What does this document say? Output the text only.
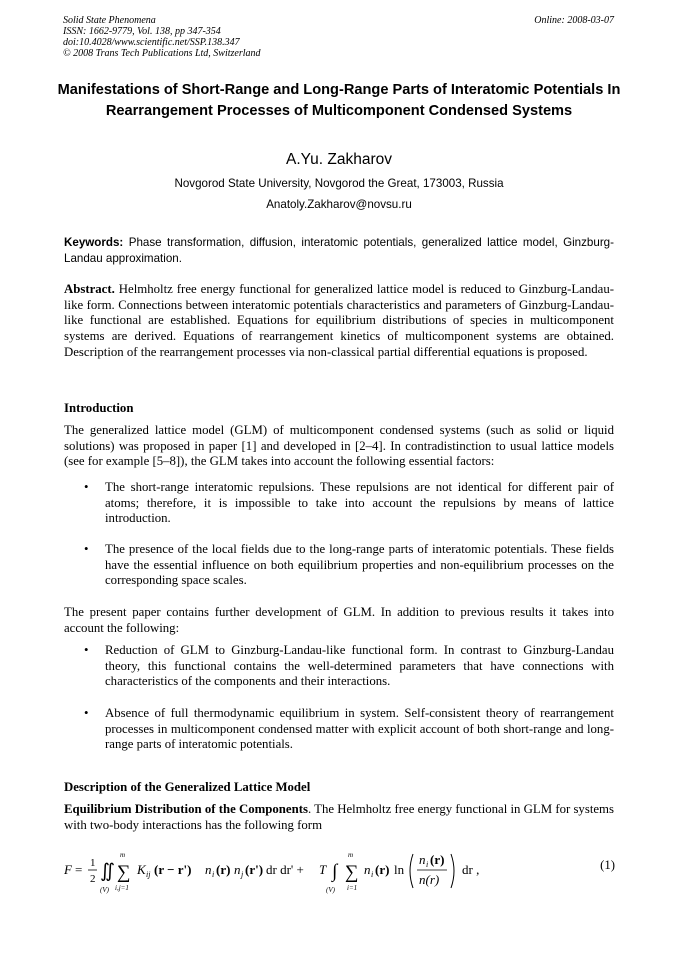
Solid State Phenomena
ISSN: 1662-9779, Vol. 138, pp 347-354
doi:10.4028/www.scientific.net/SSP.138.347
© 2008 Trans Tech Publications Ltd, Switzerland
Online: 2008-03-07
Manifestations of Short-Range and Long-Range Parts of Interatomic Potentials In Rearrangement Processes of Multicomponent Condensed Systems
A.Yu. Zakharov
Novgorod State University, Novgorod the Great, 173003, Russia
Anatoly.Zakharov@novsu.ru
Keywords: Phase transformation, diffusion, interatomic potentials, generalized lattice model, Ginzburg-Landau approximation.
Abstract. Helmholtz free energy functional for generalized lattice model is reduced to Ginzburg-Landau-like form. Connections between interatomic potentials characteristics and parameters of Ginzburg-Landau-like functional are established. Equations for equilibrium distributions of species in multicomponent systems are derived. Equations of rearrangement kinetics of multicomponent systems are obtained. Description of the rearrangement processes via non-classical partial differential equations is proposed.
Introduction
The generalized lattice model (GLM) of multicomponent condensed systems (such as solid or liquid solutions) was proposed in paper [1] and developed in [2–4]. In contradistinction to usual lattice models (see for example [5–8]), the GLM takes into account the following essential factors:
• The short-range interatomic repulsions. These repulsions are not identical for different pair of atoms; therefore, it is impossible to take into account the repulsions by means of lattice introduction.
• The presence of the local fields due to the long-range parts of interatomic potentials. These fields have the essential influence on both equilibrium properties and non-equilibrium processes on the corresponding space scales.
The present paper contains further development of GLM. In addition to previous results it takes into account the following:
• Reduction of GLM to Ginzburg-Landau-like functional form. In contrast to Ginzburg-Landau theory, this functional contains the well-determined parameters that have connections with characteristics of the components and their interactions.
• Absence of full thermodynamic equilibrium in system. Self-consistent theory of rearrangement processes in multicomponent condensed matter with explicit account of both short-range and long-range parts of interatomic potentials.
Description of the Generalized Lattice Model
Equilibrium Distribution of the Components. The Helmholtz free energy functional in GLM for systems with two-body interactions has the following form
F = 1
2 ∬
(V)
m
∑
i,j=1
K ij (r − r') n i (r) n j (r') dr dr' + T ∫
(V)
m
∑
i=1
n i (r) ln
n i (r)
n(r)
dr ,	(1)
